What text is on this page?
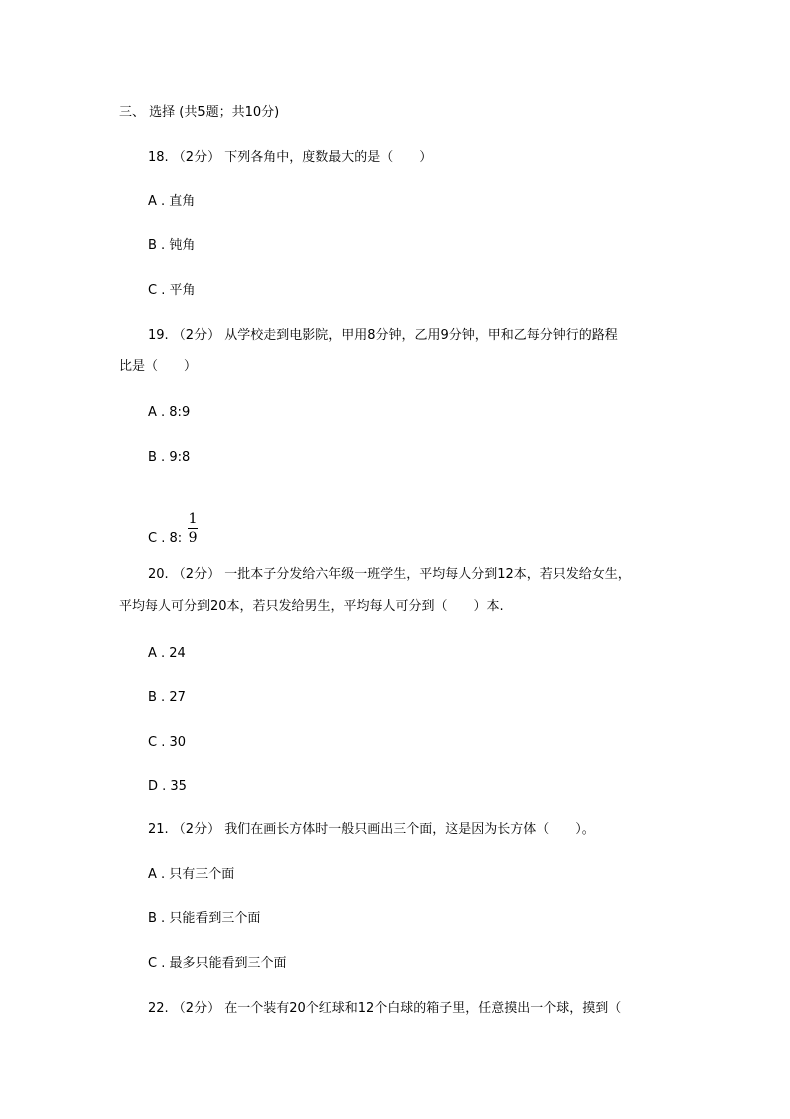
三、 选择 (共5题；共10分)
18. （2分） 下列各角中，度数最大的是（　　）
A . 直角
B . 钝角
C . 平角
19. （2分） 从学校走到电影院，甲用8分钟，乙用9分钟，甲和乙每分钟行的路程
比是（　　）
A . 8:9
B . 9:8
C . 8: $\frac{1}{9}$
20. （2分） 一批本子分发给六年级一班学生，平均每人分到12本，若只发给女生，
平均每人可分到20本，若只发给男生，平均每人可分到（　　）本.
A . 24
B . 27
C . 30
D . 35
21. （2分） 我们在画长方体时一般只画出三个面，这是因为长方体（　　）。
A . 只有三个面
B . 只能看到三个面
C . 最多只能看到三个面
22. （2分） 在一个装有20个红球和12个白球的箱子里，任意摸出一个球，摸到（
